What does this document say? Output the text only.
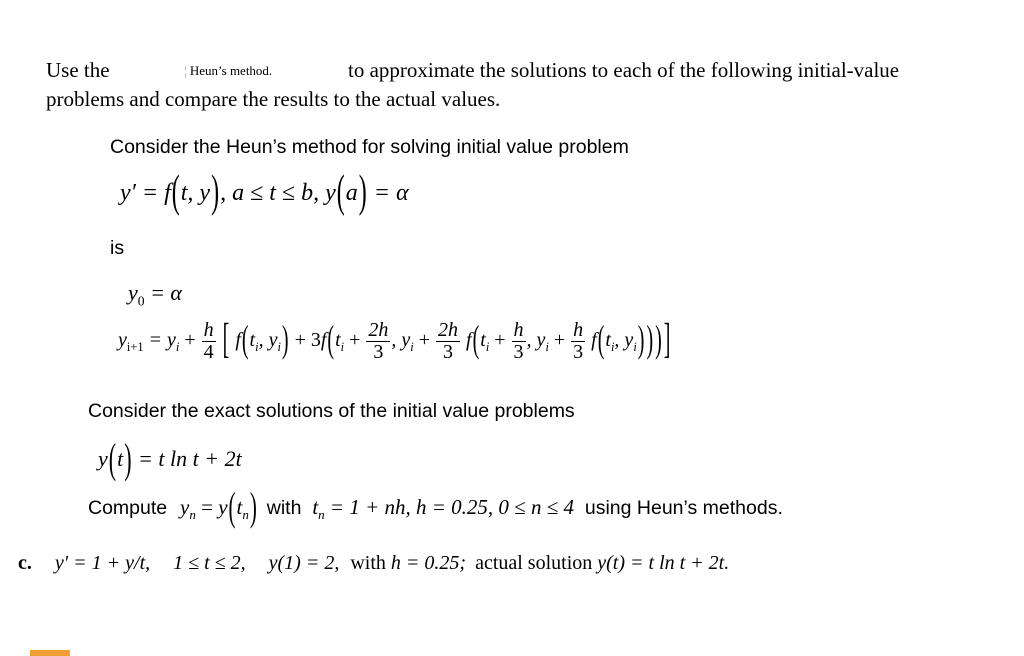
Use the	¦ Heun’s method.	to approximate the solutions to each of the following initial-value
problems and compare the results to the actual values.
Consider the Heun’s method for solving initial value problem
y′ = f(t, y), a ≤ t ≤ b, y(a) = α
is
$y_0 = \alpha$
$y_{i+1} = y_i + \frac{h}{4}$ [ $f(t_i$, $y_i) + 3f(t_i + \frac{2h}{3}$ , $y_i + \frac{2h}{3} f(t_i + \frac{h}{3}$ , $y_i + \frac{h}{3} f(t_i$, $y_i$) ) ) ]
Consider the exact solutions of the initial value problems
y(t) = t ln t + 2t
Compute $y_n = y(t_n)$ with $t_n = 1$ + nh, h = 0.25, 0 ≤ n ≤ 4 using Heun’s methods.
c. y′ = 1 + y/t, 1 ≤ t ≤ 2, y(1) = 2, with h = 0.25; actual solution y(t) = t ln t + 2t.
